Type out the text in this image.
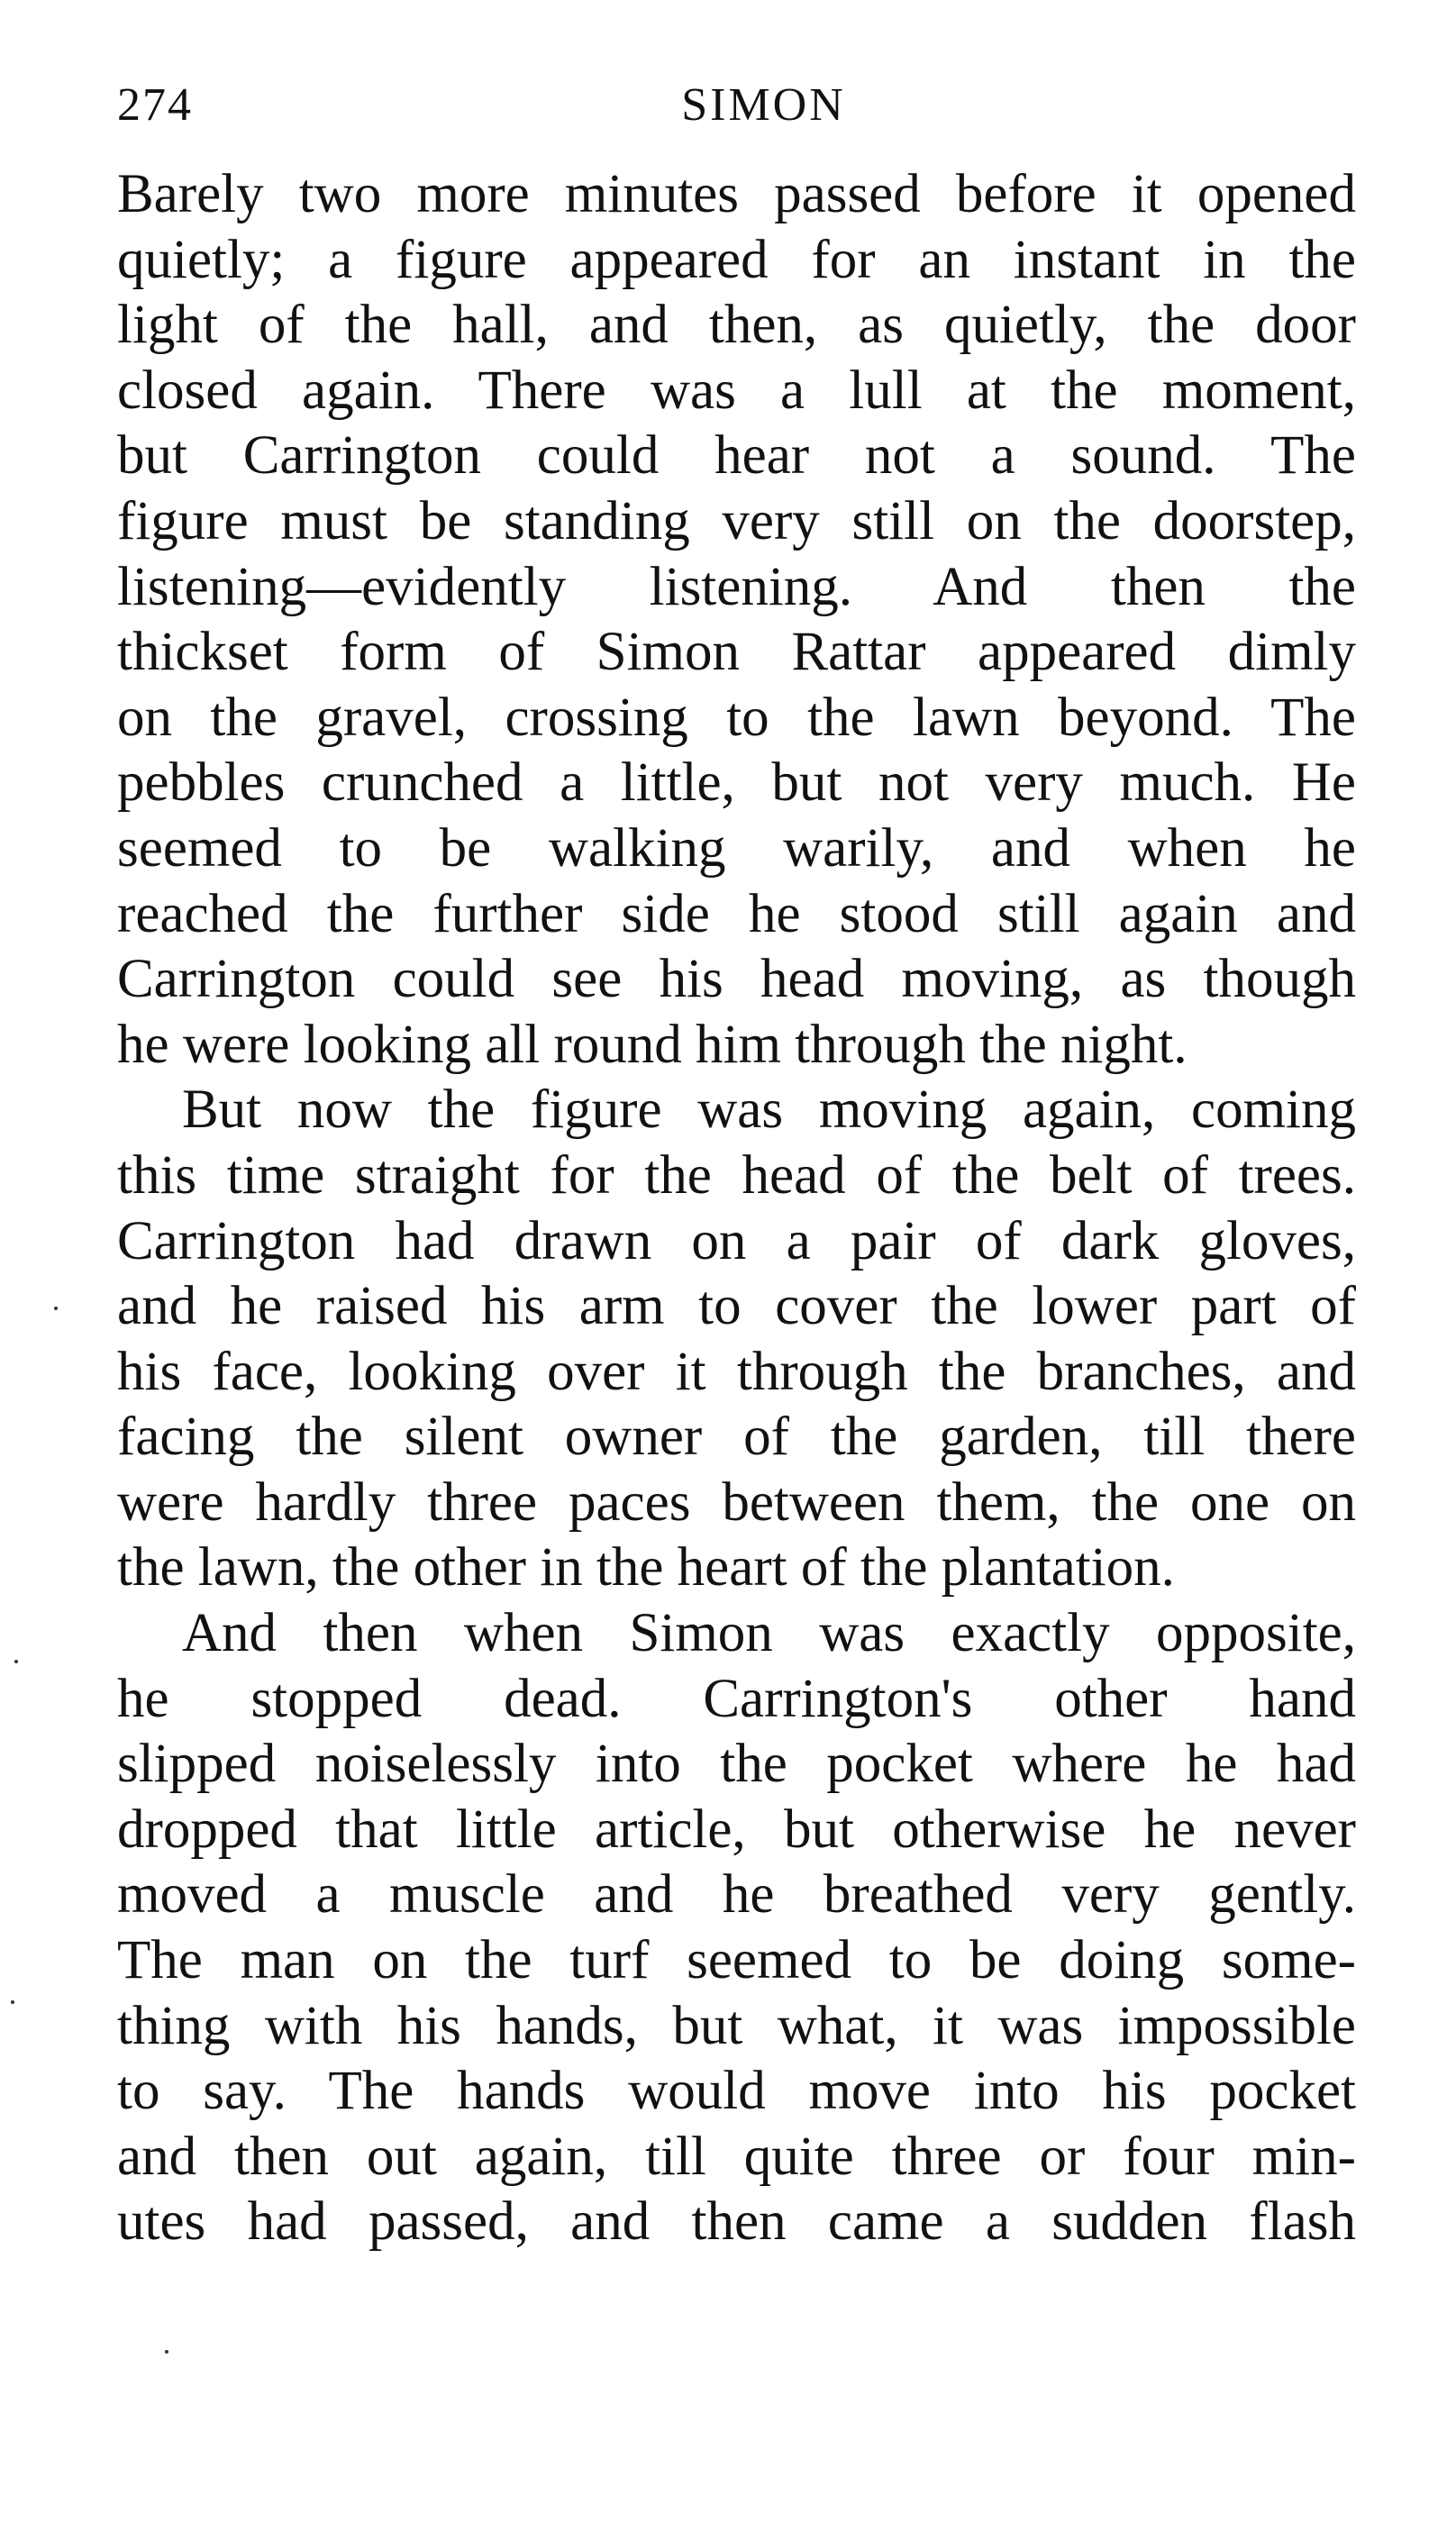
274	SIMON
Barely two more minutes passed before it opened
quietly; a figure appeared for an instant in the
light of the hall, and then, as quietly, the door
closed again. There was a lull at the moment,
but Carrington could hear not a sound. The
figure must be standing very still on the doorstep,
listening—evidently listening. And then the
thickset form of Simon Rattar appeared dimly
on the gravel, crossing to the lawn beyond. The
pebbles crunched a little, but not very much. He
seemed to be walking warily, and when he
reached the further side he stood still again and
Carrington could see his head moving, as though
he were looking all round him through the night.
But now the figure was moving again, coming
this time straight for the head of the belt of trees.
Carrington had drawn on a pair of dark gloves,
and he raised his arm to cover the lower part of
his face, looking over it through the branches, and
facing the silent owner of the garden, till there
were hardly three paces between them, the one on
the lawn, the other in the heart of the plantation.
And then when Simon was exactly opposite,
he stopped dead. Carrington's other hand
slipped noiselessly into the pocket where he had
dropped that little article, but otherwise he never
moved a muscle and he breathed very gently.
The man on the turf seemed to be doing some-
thing with his hands, but what, it was impossible
to say. The hands would move into his pocket
and then out again, till quite three or four min-
utes had passed, and then came a sudden flash
